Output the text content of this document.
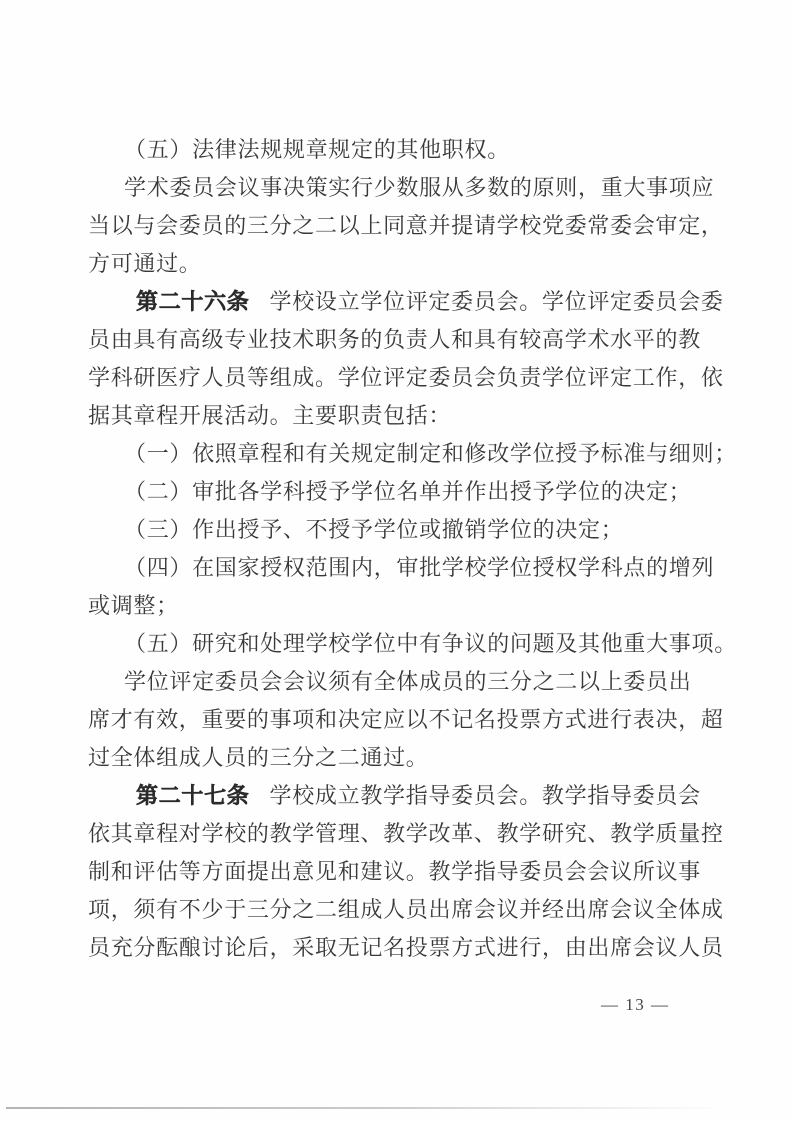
（五）法律法规规章规定的其他职权。
学术委员会议事决策实行少数服从多数的原则，重大事项应
当以与会委员的三分之二以上同意并提请学校党委常委会审定，
方可通过。
第二十六条 学校设立学位评定委员会。学位评定委员会委
员由具有高级专业技术职务的负责人和具有较高学术水平的教
学科研医疗人员等组成。学位评定委员会负责学位评定工作，依
据其章程开展活动。主要职责包括：
（一）依照章程和有关规定制定和修改学位授予标准与细则；
（二）审批各学科授予学位名单并作出授予学位的决定；
（三）作出授予、不授予学位或撤销学位的决定；
（四）在国家授权范围内，审批学校学位授权学科点的增列
或调整；
（五）研究和处理学校学位中有争议的问题及其他重大事项。
学位评定委员会会议须有全体成员的三分之二以上委员出
席才有效，重要的事项和决定应以不记名投票方式进行表决，超
过全体组成人员的三分之二通过。
第二十七条 学校成立教学指导委员会。教学指导委员会
依其章程对学校的教学管理、教学改革、教学研究、教学质量控
制和评估等方面提出意见和建议。教学指导委员会会议所议事
项，须有不少于三分之二组成人员出席会议并经出席会议全体成
员充分酝酿讨论后，采取无记名投票方式进行，由出席会议人员
— 13 —
